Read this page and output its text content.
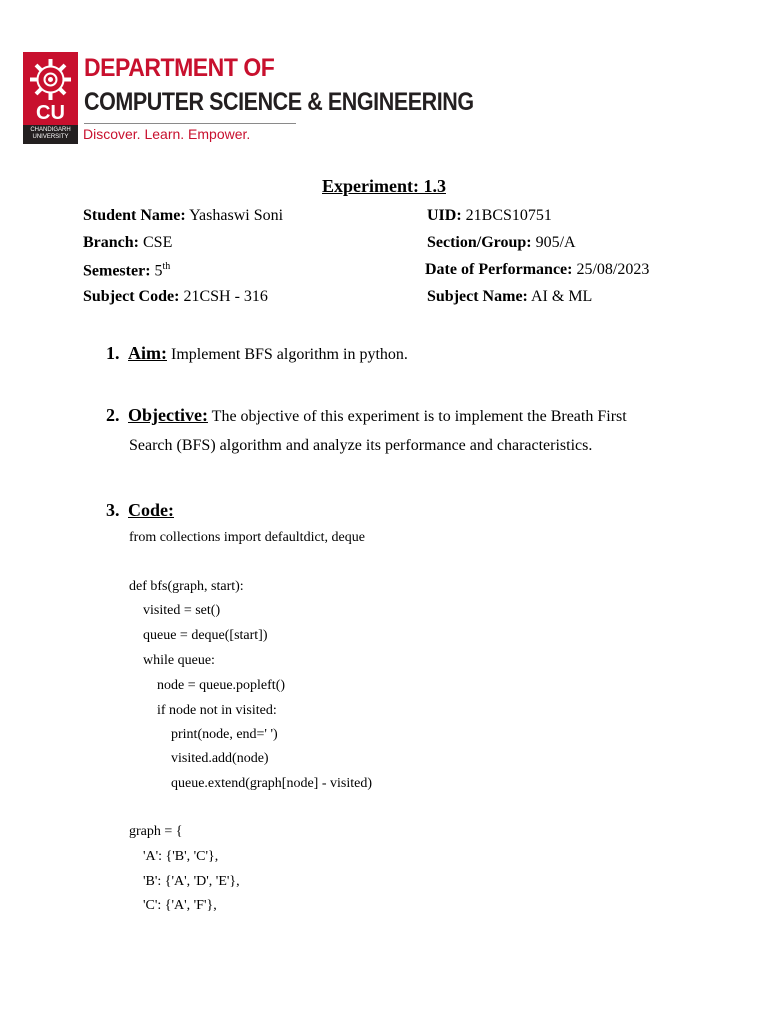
CU
CHANDIGARH UNIVERSITY
DEPARTMENT OF
COMPUTER SCIENCE & ENGINEERING
Discover. Learn. Empower.
Experiment: 1.3
Student Name: Yashaswi Soni	UID: 21BCS10751
Branch: CSE	Section/Group: 905/A
Semester: 5th	Date of Performance: 25/08/2023
Subject Code: 21CSH - 316	Subject Name: AI & ML
1. Aim: Implement BFS algorithm in python.
2. Objective: The objective of this experiment is to implement the Breath First
Search (BFS) algorithm and analyze its performance and characteristics.
3. Code:
from collections import defaultdict, deque
def bfs(graph, start):
visited = set()
queue = deque([start])
while queue:
node = queue.popleft()
if node not in visited:
print(node, end=' ')
visited.add(node)
queue.extend(graph[node] - visited)
graph = {
'A': {'B', 'C'},
'B': {'A', 'D', 'E'},
'C': {'A', 'F'},
